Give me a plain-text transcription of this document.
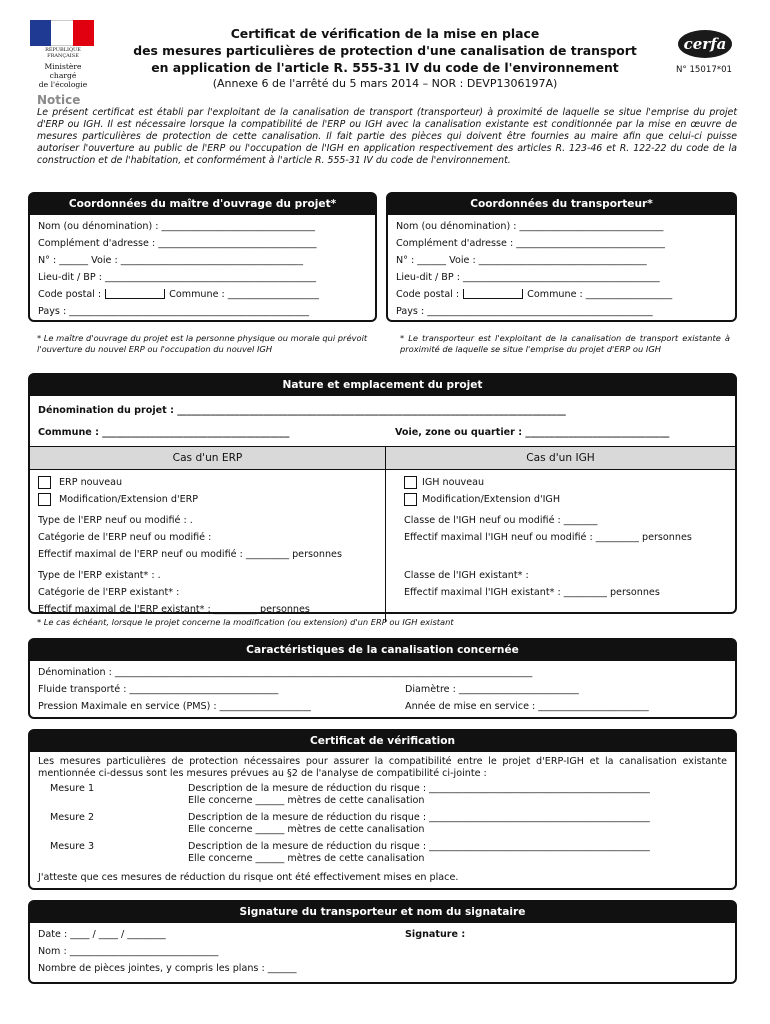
RÉPUBLIQUE FRANÇAISE
Ministère chargé
de l'écologie
Certificat de vérification de la mise en place
des mesures particulières de protection d'une canalisation de transport
en application de l'article R. 555-31 IV du code de l'environnement
(Annexe 6 de l'arrêté du 5 mars 2014 – NOR : DEVP1306197A)
cerfa
N° 15017*01
Notice
Le présent certificat est établi par l'exploitant de la canalisation de transport (transporteur) à proximité de laquelle se situe l'emprise du projet d'ERP ou IGH. Il est nécessaire lorsque la compatibilité de l'ERP ou IGH avec la canalisation existante est conditionnée par la mise en œuvre de mesures particulières de protection de cette canalisation. Il fait partie des pièces qui doivent être fournies au maire afin que celui-ci puisse autoriser l'ouverture au public de l'ERP ou l'occupation de l'IGH en application respectivement des articles R. 123-46 et R. 122-22 du code de la construction et de l'habitation, et conformément à l'article R. 555-31 IV du code de l'environnement.
Coordonnées du maître d'ouvrage du projet*
Nom (ou dénomination) : ________________________________
Complément d'adresse : _________________________________
N° : ______ Voie : ______________________________________
Lieu-dit / BP : ____________________________________________
Code postal :	Commune : ___________________
Pays : __________________________________________________
* Le maître d'ouvrage du projet est la personne physique ou morale qui prévoit l'ouverture du nouvel ERP ou l'occupation du nouvel IGH
Coordonnées du transporteur*
Nom (ou dénomination) : ______________________________
Complément d'adresse : _______________________________
N° : ______ Voie : ___________________________________
Lieu-dit / BP : _________________________________________
Code postal :	Commune : __________________
Pays : _______________________________________________
* Le transporteur est l'exploitant de la canalisation de transport existante à proximité de laquelle se situe l'emprise du projet d'ERP ou IGH
Nature et emplacement du projet
Dénomination du projet : _________________________________________________________________________________
Commune : _______________________________________	Voie, zone ou quartier : ______________________________
Cas d'un ERP
ERP nouveau
Modification/Extension d'ERP
Type de l'ERP neuf ou modifié : .
Catégorie de l'ERP neuf ou modifié :
Effectif maximal de l'ERP neuf ou modifié : _________ personnes
Type de l'ERP existant* : .
Catégorie de l'ERP existant* :
Effectif maximal de l'ERP existant* : _________ personnes
Cas d'un IGH
IGH nouveau
Modification/Extension d'IGH
Classe de l'IGH neuf ou modifié : _______
Effectif maximal l'IGH neuf ou modifié : _________ personnes
Classe de l'IGH existant* :
Effectif maximal l'IGH existant* : _________ personnes
* Le cas échéant, lorsque le projet concerne la modification (ou extension) d'un ERP ou IGH existant
Caractéristiques de la canalisation concernée
Dénomination : _______________________________________________________________________________________
Fluide transporté : _______________________________	Diamètre : _________________________
Pression Maximale en service (PMS) : ___________________	Année de mise en service : _______________________
Certificat de vérification
Les mesures particulières de protection nécessaires pour assurer la compatibilité entre le projet d'ERP-IGH et la canalisation existante mentionnée ci-dessus sont les mesures prévues au §2 de l'analyse de compatibilité ci-jointe :
Mesure 1	Description de la mesure de réduction du risque : ______________________________________________
Elle concerne ______ mètres de cette canalisation
Mesure 2	Description de la mesure de réduction du risque : ______________________________________________
Elle concerne ______ mètres de cette canalisation
Mesure 3	Description de la mesure de réduction du risque : ______________________________________________
Elle concerne ______ mètres de cette canalisation
J'atteste que ces mesures de réduction du risque ont été effectivement mises en place.
Signature du transporteur et nom du signataire
Date : ____ / ____ / ________	Signature :
Nom : _______________________________
Nombre de pièces jointes, y compris les plans : ______
